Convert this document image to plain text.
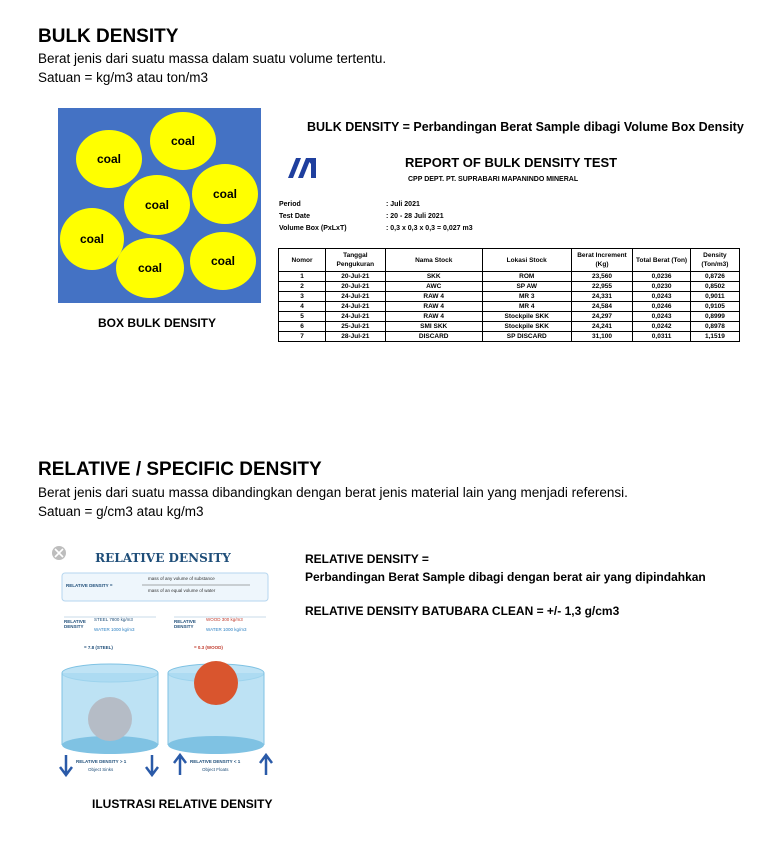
BULK DENSITY
Berat jenis dari suatu massa dalam suatu volume tertentu.
Satuan = kg/m3 atau ton/m3
coal
coal
coal
coal
coal
coal	coal
BOX BULK DENSITY
BULK DENSITY = Perbandingan Berat Sample dibagi Volume Box Density
REPORT OF BULK DENSITY TEST
CPP DEPT. PT. SUPRABARI MAPANINDO MINERAL
Period	: Juli 2021
Test Date	: 20 - 28 Juli 2021
Volume Box (PxLxT)	: 0,3 x 0,3 x 0,3 = 0,027 m3
Nomor	Tanggal Pengukuran	Nama Stock	Lokasi Stock	Berat Increment (Kg)	Total Berat (Ton)	Density (Ton/m3)
1	20-Jul-21	SKK	ROM	23,560	0,0236	0,8726
2	20-Jul-21	AWC	SP AW	22,955	0,0230	0,8502
3	24-Jul-21	RAW 4	MR 3	24,331	0,0243	0,9011
4	24-Jul-21	RAW 4	MR 4	24,584	0,0246	0,9105
5	24-Jul-21	RAW 4	Stockpile SKK	24,297	0,0243	0,8999
6	25-Jul-21	SMI SKK	Stockpile SKK	24,241	0,0242	0,8978
7	28-Jul-21	DISCARD	SP DISCARD	31,100	0,0311	1,1519
RELATIVE / SPECIFIC DENSITY
Berat jenis dari suatu massa dibandingkan dengan berat jenis material lain yang menjadi referensi.
Satuan = g/cm3 atau kg/m3
RELATIVE DENSITY
RELATIVE DENSITY =
mass of any volume of substance
mass of an equal volume of water
RELATIVE DENSITY
STEEL 7800 kg/m3
WATER 1000 kg/m3
= 7.8 (STEEL)
RELATIVE DENSITY
WOOD 300 kg/m3
WATER 1000 kg/m3
= 0.3 (WOOD)
RELATIVE DENSITY > 1
Object Sinks
RELATIVE DENSITY < 1
Object Floats
ILUSTRASI RELATIVE DENSITY
RELATIVE DENSITY =
Perbandingan Berat Sample dibagi dengan berat air yang dipindahkan
RELATIVE DENSITY BATUBARA CLEAN = +/- 1,3 g/cm3
